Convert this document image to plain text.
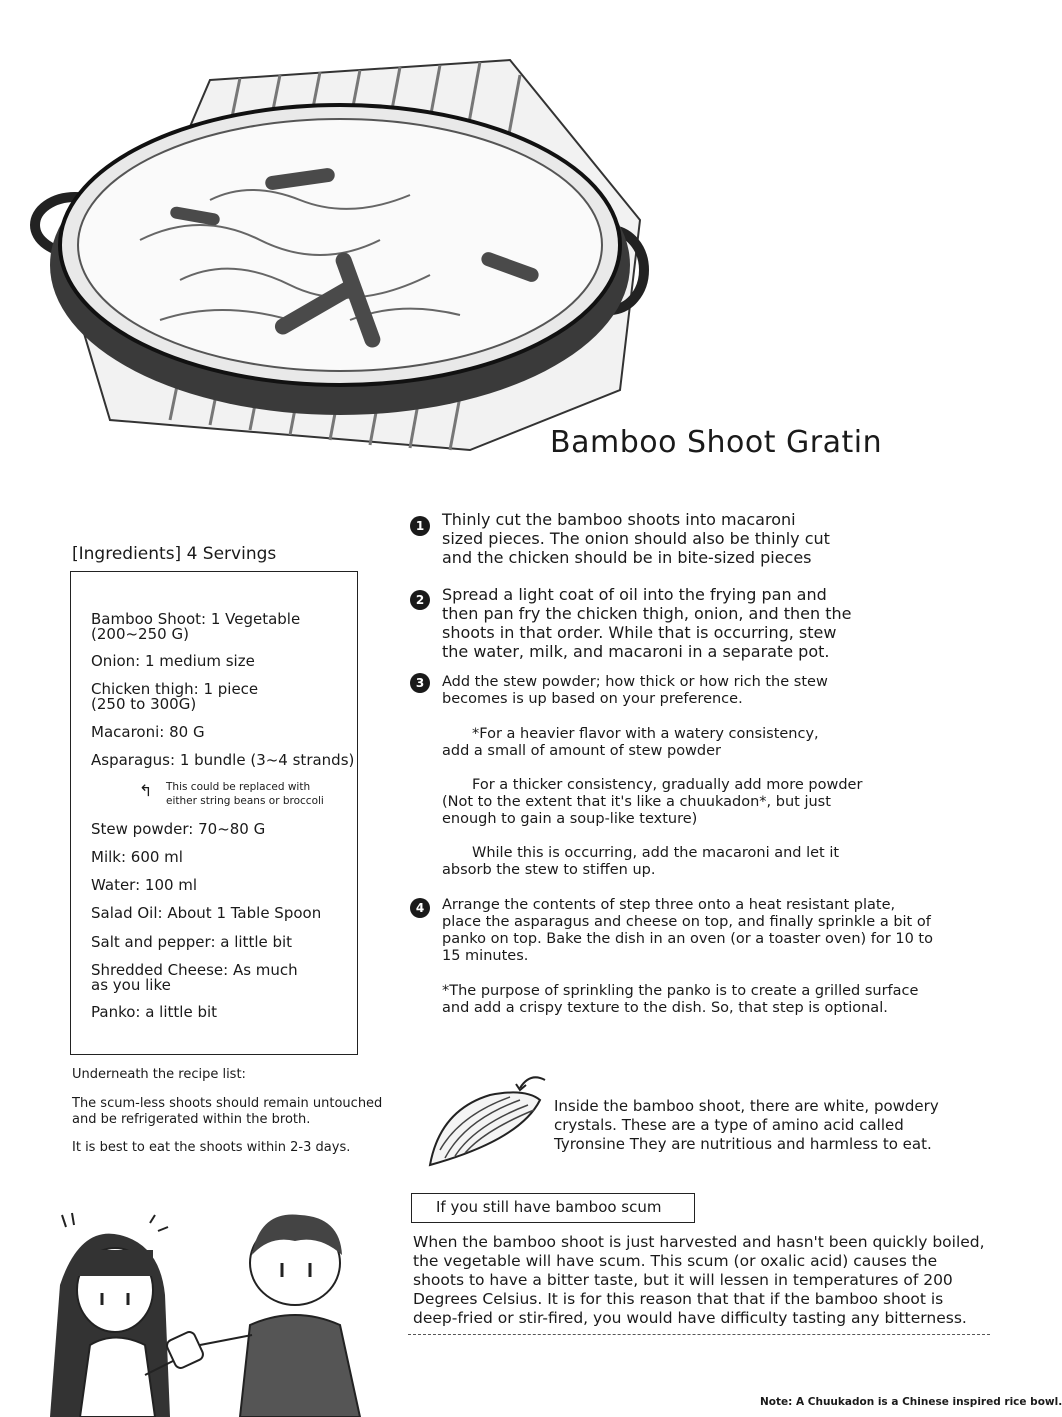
Bamboo Shoot Gratin
[Ingredients] 4 Servings
Bamboo Shoot: 1 Vegetable
(200~250 G)
Onion: 1 medium size
Chicken thigh: 1 piece
(250 to 300G)
Macaroni: 80 G
Asparagus: 1 bundle (3~4 strands)
↰ This could be replaced with
either string beans or broccoli
Stew powder: 70~80 G
Milk: 600 ml
Water: 100 ml
Salad Oil: About 1 Table Spoon
Salt and pepper: a little bit
Shredded Cheese: As much
as you like
Panko: a little bit
Underneath the recipe list:
The scum-less shoots should remain untouched
and be refrigerated within the broth.
It is best to eat the shoots within 2-3 days.
1	Thinly cut the bamboo shoots into macaroni
sized pieces. The onion should also be thinly cut
and the chicken should be in bite-sized pieces
2	Spread a light coat of oil into the frying pan and
then pan fry the chicken thigh, onion, and then the
shoots in that order. While that is occurring, stew
the water, milk, and macaroni in a separate pot.
3	Add the stew powder; how thick or how rich the stew
becomes is up based on your preference.
*For a heavier flavor with a watery consistency,
add a small of amount of stew powder
For a thicker consistency, gradually add more powder
(Not to the extent that it's like a chuukadon*, but just
enough to gain a soup-like texture)
While this is occurring, add the macaroni and let it
absorb the stew to stiffen up.
4	Arrange the contents of step three onto a heat resistant plate,
place the asparagus and cheese on top, and finally sprinkle a bit of
panko on top. Bake the dish in an oven (or a toaster oven) for 10 to
15 minutes.
*The purpose of sprinkling the panko is to create a grilled surface
and add a crispy texture to the dish. So, that step is optional.
Inside the bamboo shoot, there are white, powdery
crystals. These are a type of amino acid called
Tyronsine They are nutritious and harmless to eat.
If you still have bamboo scum
When the bamboo shoot is just harvested and hasn't been quickly boiled,
the vegetable will have scum. This scum (or oxalic acid) causes the
shoots to have a bitter taste, but it will lessen in temperatures of 200
Degrees Celsius. It is for this reason that that if the bamboo shoot is
deep-fried or stir-fired, you would have difficulty tasting any bitterness.
Note: A Chuukadon is a Chinese inspired rice bowl.
